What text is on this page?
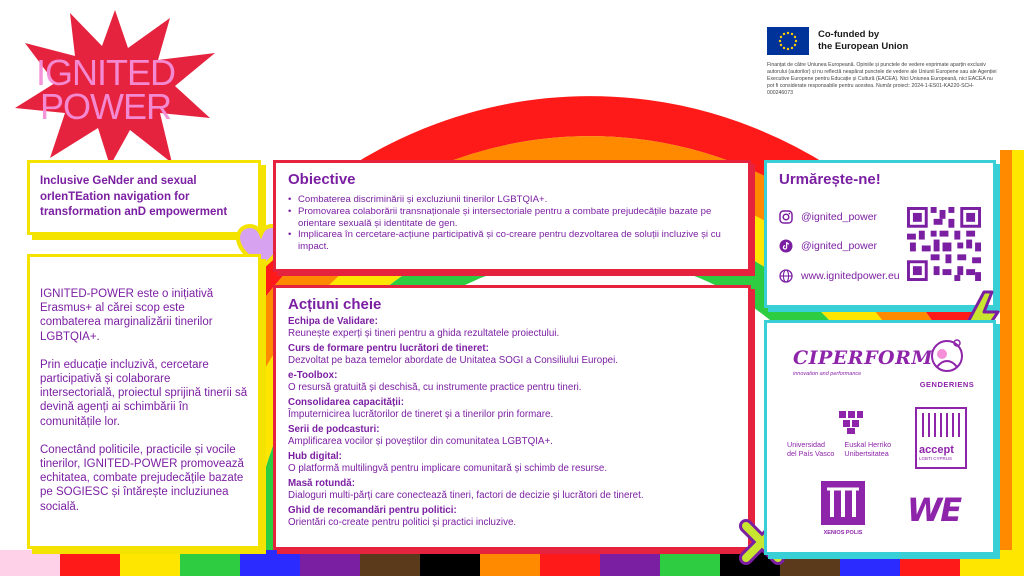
IGNITED
POWER
Co-funded by
the European Union
Finanțat de către Uniunea Europeană. Opiniile și punctele de vedere exprimate aparțin exclusiv autorului (autorilor) și nu reflectă neapărat punctele de vedere ale Uniunii Europene sau ale Agenției Executive Europene pentru Educație și Cultură (EACEA). Nici Uniunea Europeană, nici EACEA nu pot fi considerate responsabile pentru acestea. Număr proiect: 2024-1-ES01-KA220-SCH-000246073
Inclusive GeNder and sexual orIenTEation navigation for transformation anD empowerment

IGNITED-POWER este o inițiativă Erasmus+ al cărei scop este combaterea marginalizării tinerilor LGBTQIA+.

Prin educație incluzivă, cercetare participativă și colaborare intersectorială, proiectul sprijină tinerii să devină agenți ai schimbării în comunitățile lor.

Conectând politicile, practicile și vocile tinerilor, IGNITED-POWER promovează echitatea, combate prejudecățile bazate pe SOGIESC și întărește incluziunea socială.

Obiective
• Combaterea discriminării și excluziunii tinerilor LGBTQIA+.
• Promovarea colaborării transnaționale și intersectoriale pentru a combate prejudecățile bazate pe orientare sexuală și identitate de gen.
• Implicarea în cercetare-acțiune participativă și co-creare pentru dezvoltarea de soluții incluzive și cu impact.
Acțiuni cheie
Echipa de Validare:
Reunește experți și tineri pentru a ghida rezultatele proiectului.
Curs de formare pentru lucrători de tineret:
Dezvoltat pe baza temelor abordate de Unitatea SOGI a Consiliului Europei.
e-Toolbox:
O resursă gratuită și deschisă, cu instrumente practice pentru tineri.
Consolidarea capacității:
Împuternicirea lucrătorilor de tineret și a tinerilor prin formare.
Serii de podcasturi:
Amplificarea vocilor și poveștilor din comunitatea LGBTQIA+.
Hub digital:
O platformă multilingvă pentru implicare comunitară și schimb de resurse.
Masă rotundă:
Dialoguri multi-părți care conectează tineri, factori de decizie și lucrători de tineret.
Ghid de recomandări pentru politici:
Orientări co-create pentru politici și practici incluzive.
Urmărește-ne!
@ignited_power
@ignited_power
www.ignitedpower.eu
CIPERFORM
innovation and performance
GENDERIENS
Universidad
del País Vasco
Euskal Herriko
Unibertsitatea	accept
LGBTI CYPRUS
XENIOS POLIS
WE
